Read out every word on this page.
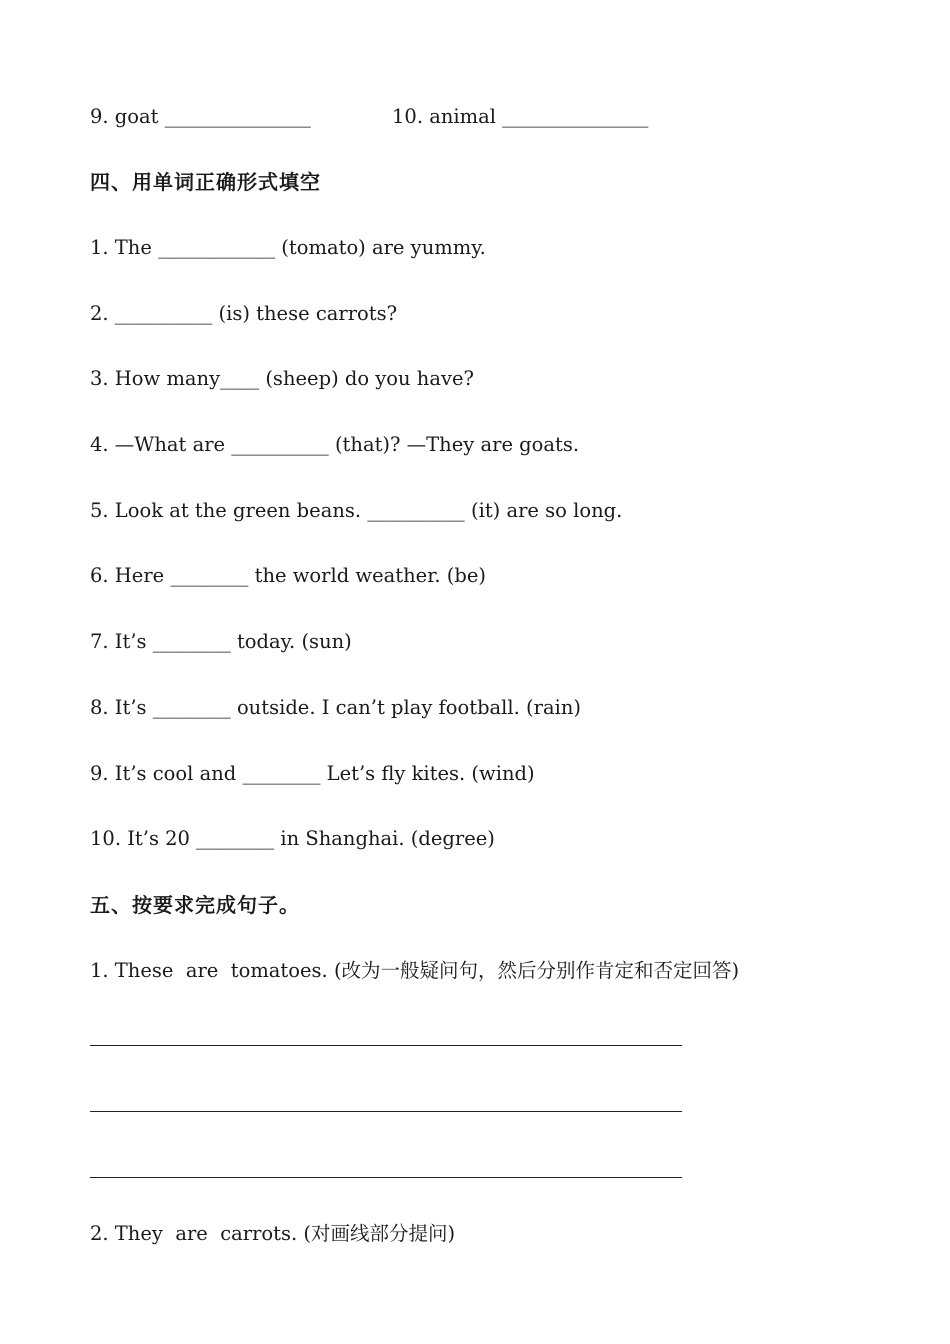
9. goat _______________	10. animal _______________
四、用单词正确形式填空
1. The ____________ (tomato) are yummy.
2. __________ (is) these carrots?
3. How many____ (sheep) do you have?
4. —What are __________ (that)? —They are goats.
5. Look at the green beans. __________ (it) are so long.
6. Here ________ the world weather. (be)
7. It’s ________ today. (sun)
8. It’s ________ outside. I can’t play football. (rain)
9. It’s cool and ________ Let’s fly kites. (wind)
10. It’s 20 ________ in Shanghai. (degree)
五、按要求完成句子。
1. These  are  tomatoes. (改为一般疑问句，然后分别作肯定和否定回答)
2. They  are  carrots. (对画线部分提问)
